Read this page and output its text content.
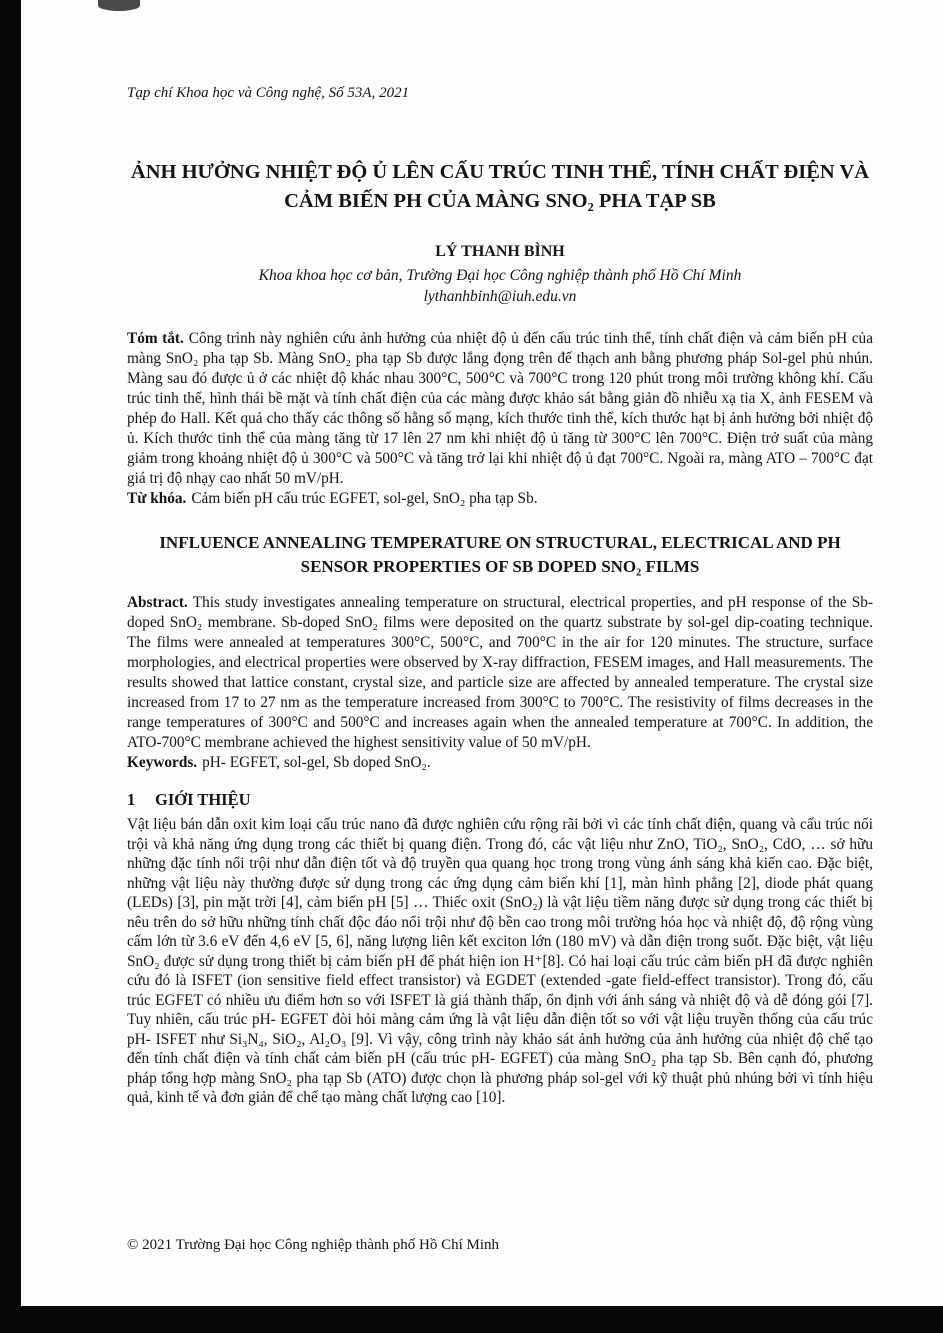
Tạp chí Khoa học và Công nghệ, Số 53A, 2021

ẢNH HƯỞNG NHIỆT ĐỘ Ủ LÊN CẤU TRÚC TINH THỂ, TÍNH CHẤT ĐIỆN VÀ CẢM BIẾN PH CỦA MÀNG SNO₂ PHA TẠP SB

LÝ THANH BÌNH

Khoa khoa học cơ bản, Trường Đại học Công nghiệp thành phố Hồ Chí Minh

lythanhbinh@iuh.edu.vn

Tóm tắt. Công trình này nghiên cứu ảnh hưởng của nhiệt độ ủ đến cấu trúc tinh thể, tính chất điện và cảm biến pH của màng SnO₂ pha tạp Sb. Màng SnO₂ pha tạp Sb được lắng đọng trên đế thạch anh bằng phương pháp Sol-gel phủ nhún. Màng sau đó được ủ ở các nhiệt độ khác nhau 300°C, 500°C và 700°C trong 120 phút trong môi trường không khí. Cấu trúc tinh thể, hình thái bề mặt và tính chất điện của các màng được khảo sát bằng giản đồ nhiễu xạ tia X, ảnh FESEM và phép đo Hall. Kết quả cho thấy các thông số hằng số mạng, kích thước tinh thể, kích thước hạt bị ảnh hưởng bởi nhiệt độ ủ. Kích thước tinh thể của màng tăng từ 17 lên 27 nm khi nhiệt độ ủ tăng từ 300°C lên 700°C. Điện trở suất của màng giảm trong khoảng nhiệt độ ủ 300°C và 500°C và tăng trở lại khi nhiệt độ ủ đạt 700°C. Ngoài ra, màng ATO – 700°C đạt giá trị độ nhạy cao nhất 50 mV/pH.

Từ khóa. Cảm biến pH cấu trúc EGFET, sol-gel, SnO₂ pha tạp Sb.

INFLUENCE ANNEALING TEMPERATURE ON STRUCTURAL, ELECTRICAL AND PH SENSOR PROPERTIES OF SB DOPED SNO₂ FILMS

Abstract. This study investigates annealing temperature on structural, electrical properties, and pH response of the Sb-doped SnO₂ membrane. Sb-doped SnO₂ films were deposited on the quartz substrate by sol-gel dip-coating technique. The films were annealed at temperatures 300°C, 500°C, and 700°C in the air for 120 minutes. The structure, surface morphologies, and electrical properties were observed by X-ray diffraction, FESEM images, and Hall measurements. The results showed that lattice constant, crystal size, and particle size are affected by annealed temperature. The crystal size increased from 17 to 27 nm as the temperature increased from 300°C to 700°C. The resistivity of films decreases in the range temperatures of 300°C and 500°C and increases again when the annealed temperature at 700°C. In addition, the ATO-700°C membrane achieved the highest sensitivity value of 50 mV/pH.

Keywords. pH- EGFET, sol-gel, Sb doped SnO₂.

1 GIỚI THIỆU

Vật liệu bán dẫn oxit kim loại cấu trúc nano đã được nghiên cứu rộng rãi bởi vì các tính chất điện, quang và cấu trúc nổi trội và khả năng ứng dụng trong các thiết bị quang điện. Trong đó, các vật liệu như ZnO, TiO₂, SnO₂, CdO, … sở hữu những đặc tính nổi trội như dẫn điện tốt và độ truyền qua quang học trong trong vùng ánh sáng khả kiến cao. Đặc biệt, những vật liệu này thường được sử dụng trong các ứng dụng cảm biến khí [1], màn hình phẳng [2], diode phát quang (LEDs) [3], pin mặt trời [4], cảm biến pH [5] … Thiếc oxit (SnO₂) là vật liệu tiềm năng được sử dụng trong các thiết bị nêu trên do sở hữu những tính chất độc đáo nổi trội như độ bền cao trong môi trường hóa học và nhiệt độ, độ rộng vùng cấm lớn từ 3.6 eV đến 4,6 eV [5, 6], năng lượng liên kết exciton lớn (180 mV) và dẫn điện trong suốt. Đặc biệt, vật liệu SnO₂ được sử dụng trong thiết bị cảm biến pH để phát hiện ion H⁺[8]. Có hai loại cấu trúc cảm biến pH đã được nghiên cứu đó là ISFET (ion sensitive field effect transistor) và EGDET (extended -gate field-effect transistor). Trong đó, cấu trúc EGFET có nhiều ưu điểm hơn so với ISFET là giá thành thấp, ổn định với ánh sáng và nhiệt độ và dễ đóng gói [7]. Tuy nhiên, cấu trúc pH- EGFET đòi hỏi màng cảm ứng là vật liệu dẫn điện tốt so với vật liệu truyền thống của cấu trúc pH- ISFET như Si₃N₄, SiO₂, Al₂O₃ [9]. Vì vậy, công trình này khảo sát ảnh hưởng của ảnh hưởng của nhiệt độ chế tạo đến tính chất điện và tính chất cảm biến pH (cấu trúc pH- EGFET) của màng SnO₂ pha tạp Sb. Bên cạnh đó, phương pháp tổng hợp màng SnO₂ pha tạp Sb (ATO) được chọn là phương pháp sol-gel với kỹ thuật phủ nhúng bởi vì tính hiệu quả, kinh tế và đơn giản để chế tạo màng chất lượng cao [10].

© 2021 Trường Đại học Công nghiệp thành phố Hồ Chí Minh
